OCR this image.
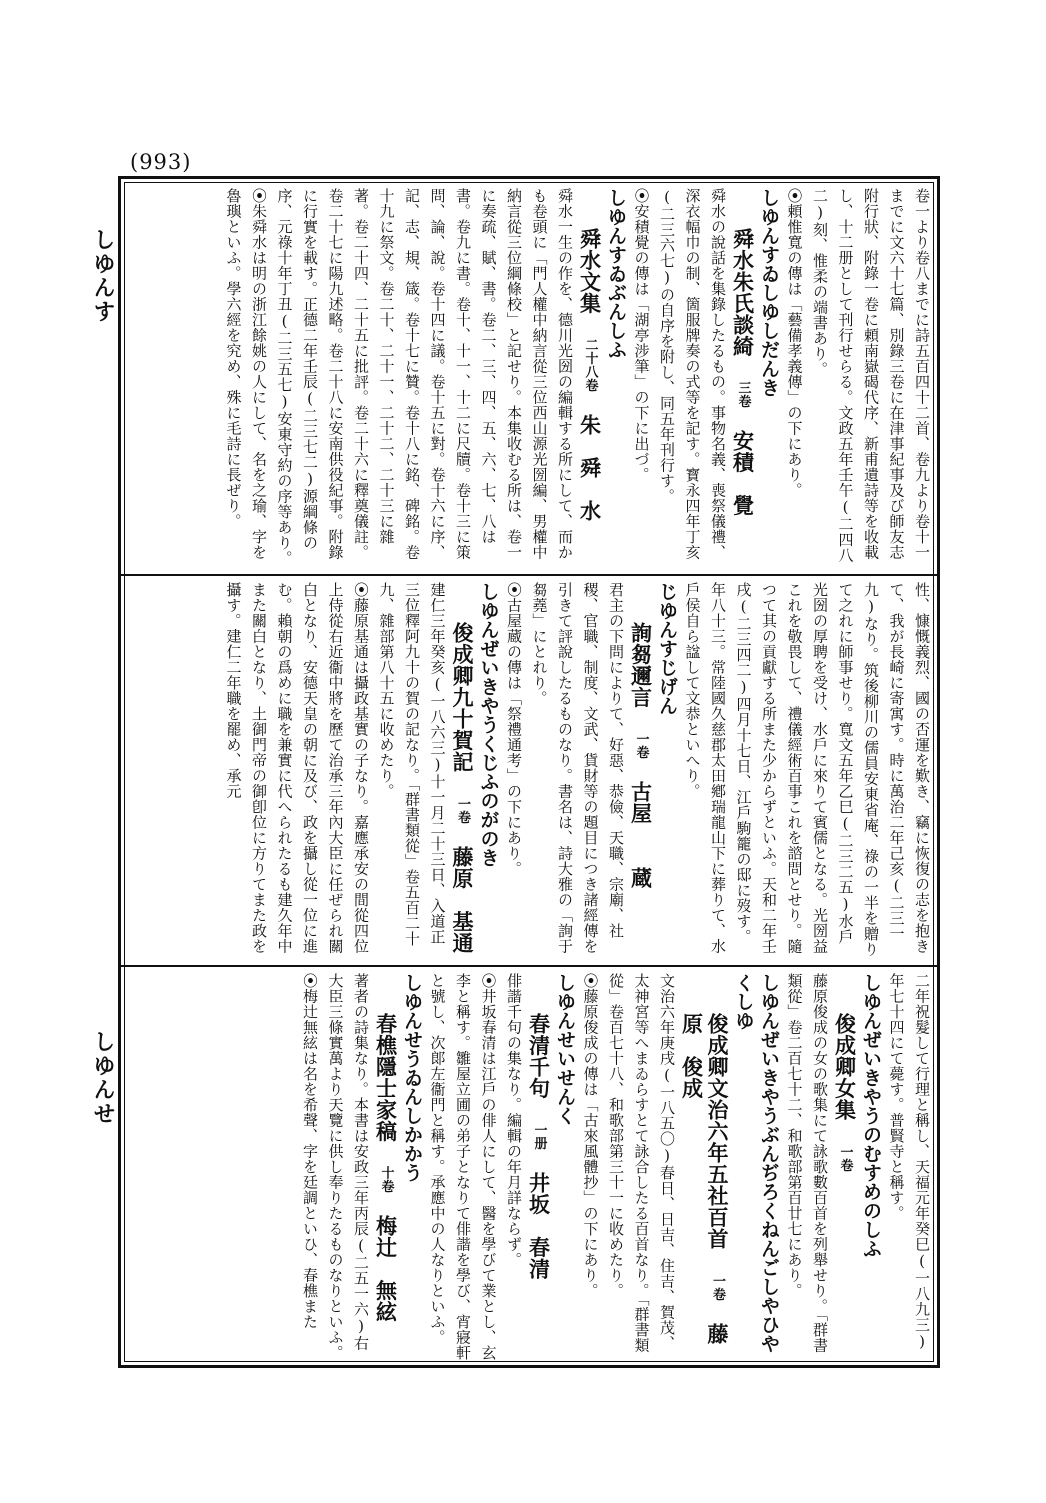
(993)
しゆんす
しゆんせ

卷一より卷八までに詩五百四十二首、卷九より卷十一までに文六十七篇、別錄三卷に在津事紀事及び師友志附行狀、附錄一卷に頼南嶽碣代序、新甫遺詩等を收載し、十二册として刊行せらる。文政五年壬午(二四八二)刻、惟柔の端書あり。

⦿頼惟寬の傳は「藝備孝義傳」の下にあり。

しゆんすゐしゆしだんき

舜水朱氏談綺三卷安積　覺

舜水の說話を集錄したるもの。事物名義、喪祭儀禮、深衣幅巾の制、箇服牌奏の式等を記す。寳永四年丁亥(二三六七)の自序を附し、同五年刊行す。

⦿安積覺の傳は「湖亭涉筆」の下に出づ。

しゆんすゐぶんしふ

舜水文集二十八卷朱　舜　水

舜水一生の作を、德川光圀の編輯する所にして、而かも卷頭に「門人權中納言從三位西山源光圀編、男權中納言從三位綱條校」と記せり。本集收むる所は、卷一に奏疏、賦、書。卷二、三、四、五、六、七、八は書。卷九に書。卷十、十一、十二に尺牘。卷十三に策問、論、說。卷十四に議。卷十五に對。卷十六に序、記、志、規、箴。卷十七に贊。卷十八に銘、碑銘。卷十九に祭文。卷二十、二十一、二十二、二十三に雜著。卷二十四、二十五に批評。卷二十六に釋奠儀註。卷二十七に陽九述略。卷二十八に安南供役紀事。附錄に行實を載す。正德二年壬辰(二三七二)源綱條の序、元祿十年丁丑(二三五七)安東守約の序等あり。

⦿朱舜水は明の浙江餘姚の人にして、名を之瑜、字を魯璵といふ。學六經を究め、殊に毛詩に長ぜり。

性、慷慨義烈、國の否運を歎き、竊に恢復の志を抱きて、我が長崎に寄寓す。時に萬治二年己亥(二三一九)なり。筑後柳川の儒員安東省庵、祿の一半を贈りて之れに師事せり。寬文五年乙巳(二三二五)水戶光圀の厚聘を受け、水戶に來りて賓儒となる。光圀益これを敬畏して、禮儀經術百事これを諮問とせり。隨つて其の貢獻する所また少からずといふ。天和二年壬戌(二三四二)四月十七日、江戶駒籠の邸に歿す。年八十三。常陸國久慈郡太田鄕瑞龍山下に葬りて、水戶侯自ら諡して文恭といへり。

じゆんすじげん

詢芻邇言一卷古屋　　蔵

君主の下問によりて、好惡、恭儉、天職、宗廟、社稷、官職、制度、文武、貨財等の題目につき諸經傳を引きて評說したるものなり。書名は、詩大雅の「詢于芻蕘」にとれり。

⦿古屋蔵の傳は「祭禮通考」の下にあり。

しゆんぜいきやうくじふのがのき

俊成卿九十賀記一卷藤原　基通

建仁三年癸亥(一八六三)十一月二十三日、入道正三位釋阿九十の賀の記なり。「群書類從」卷五百二十九、雜部第八十五に收めたり。

⦿藤原基通は攝政基實の子なり。嘉應承安の間從四位上侍從右近衞中將を歷て治承三年內大臣に任ぜられ關白となり、安德天皇の朝に及び、政を攝し從一位に進む。賴朝の爲めに職を兼實に代へられたるも建久年中また關白となり、土御門帝の御卽位に方りてまた政を攝す。建仁二年職を罷め、承元

二年祝髮して行理と稱し、天福元年癸巳(一八九三)年七十四にて薨す。普賢寺と稱す。

しゆんぜいきやうのむすめのしふ

俊成卿女集一卷

藤原俊成の女の歌集にて詠歌數百首を列舉せり。「群書類從」卷二百七十二、和歌部第百廿七にあり。

しゆんぜいきやうぶんぢろくねんごしやひやくしゆ

俊成卿文治六年五社百首一卷藤原　俊成

文治六年庚戌(一八五〇)春日、日吉、住吉、賀茂、太神宮等へまゐらすとて詠合したる百首なり。「群書類從」卷百七十八、和歌部第三十一に收めたり。

⦿藤原俊成の傳は「古來風體抄」の下にあり。

しゆんせいせんく

春清千句一册井坂　春清

俳諧千句の集なり。編輯の年月詳ならず。

⦿井坂春清は江戶の俳人にして、醫を學びて業とし、玄李と稱す。雛屋立圃の弟子となりて俳諧を學び、宵寢軒と號し、次郞左衞門と稱す。承應中の人なりといふ。

しゆんせうゐんしかかう

春樵隱士家稿十卷梅辻　無絃

著者の詩集なり。本書は安政三年丙辰(二五一六)右大臣三條實萬より天覽に供し奉りたるものなりといふ。

⦿梅辻無絃は名を希聲、字を廷調といひ、春樵また
